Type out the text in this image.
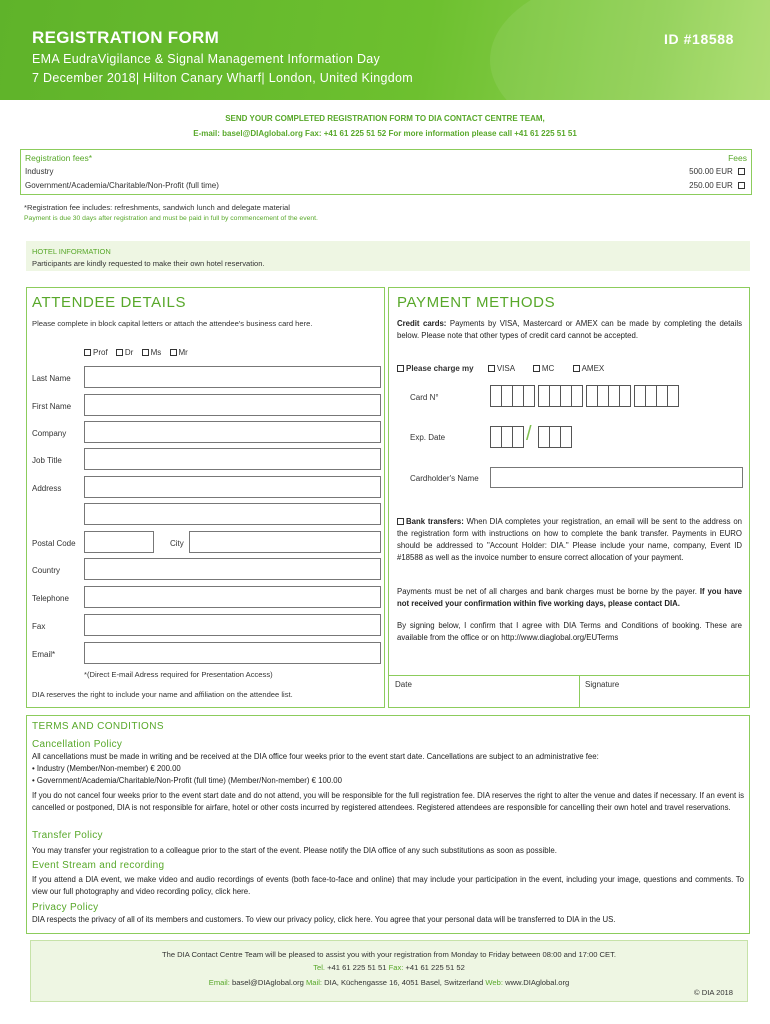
REGISTRATION FORM	ID #18588
EMA EudraVigilance & Signal Management Information Day
7 December 2018| Hilton Canary Wharf| London, United Kingdom
SEND YOUR COMPLETED REGISTRATION FORM TO DIA CONTACT CENTRE TEAM,
E-mail: basel@DIAglobal.org Fax: +41 61 225 51 52 For more information please call +41 61 225 51 51
Registration fees*	Fees
Industry	500.00 EUR
Government/Academia/Charitable/Non-Profit (full time)	250.00 EUR
*Registration fee includes: refreshments, sandwich lunch and delegate material
Payment is due 30 days after registration and must be paid in full by commencement of the event.
HOTEL INFORMATION
Participants are kindly requested to make their own hotel reservation.
ATTENDEE DETAILS
Please complete in block capital letters or attach the attendee's business card here.
Prof Dr Ms Mr
Last Name
First Name
Company
Job Title
Address
Postal Code	City
Country
Telephone
Fax
Email*
*(Direct E-mail Adress required for Presentation Access)
DIA reserves the right to include your name and affiliation on the attendee list.
PAYMENT METHODS
Credit cards: Payments by VISA, Mastercard or AMEX can be made by completing the details below. Please note that other types of credit card cannot be accepted.
Please charge my	VISA	MC	AMEX
Card N°
Exp. Date	/
Cardholder's Name
Bank transfers: When DIA completes your registration, an email will be sent to the address on the registration form with instructions on how to complete the bank transfer. Payments in EURO should be addressed to "Account Holder: DIA." Please include your name, company, Event ID #18588 as well as the invoice number to ensure correct allocation of your payment.
Payments must be net of all charges and bank charges must be borne by the payer. If you have not received your confirmation within five working days, please contact DIA.
By signing below, I confirm that I agree with DIA Terms and Conditions of booking. These are available from the office or on http://www.diaglobal.org/EUTerms
Date	Signature
TERMS AND CONDITIONS
Cancellation Policy
All cancellations must be made in writing and be received at the DIA office four weeks prior to the event start date. Cancellations are subject to an administrative fee:
• Industry (Member/Non-member) € 200.00
• Government/Academia/Charitable/Non-Profit (full time) (Member/Non-member) € 100.00
If you do not cancel four weeks prior to the event start date and do not attend, you will be responsible for the full registration fee. DIA reserves the right to alter the venue and dates if necessary. If an event is cancelled or postponed, DIA is not responsible for airfare, hotel or other costs incurred by registered attendees. Registered attendees are responsible for cancelling their own hotel and travel reservations.
Transfer Policy
You may transfer your registration to a colleague prior to the start of the event. Please notify the DIA office of any such substitutions as soon as possible.
Event Stream and recording
If you attend a DIA event, we make video and audio recordings of events (both face-to-face and online) that may include your participation in the event, including your image, questions and comments. To view our full photography and video recording policy, click here.
Privacy Policy
DIA respects the privacy of all of its members and customers. To view our privacy policy, click here. You agree that your personal data will be transferred to DIA in the US.
The DIA Contact Centre Team will be pleased to assist you with your registration from Monday to Friday between 08:00 and 17:00 CET.
Tel. +41 61 225 51 51 Fax: +41 61 225 51 52
Email: basel@DIAglobal.org Mail: DIA, Küchengasse 16, 4051 Basel, Switzerland Web: www.DIAglobal.org
© DIA 2018
